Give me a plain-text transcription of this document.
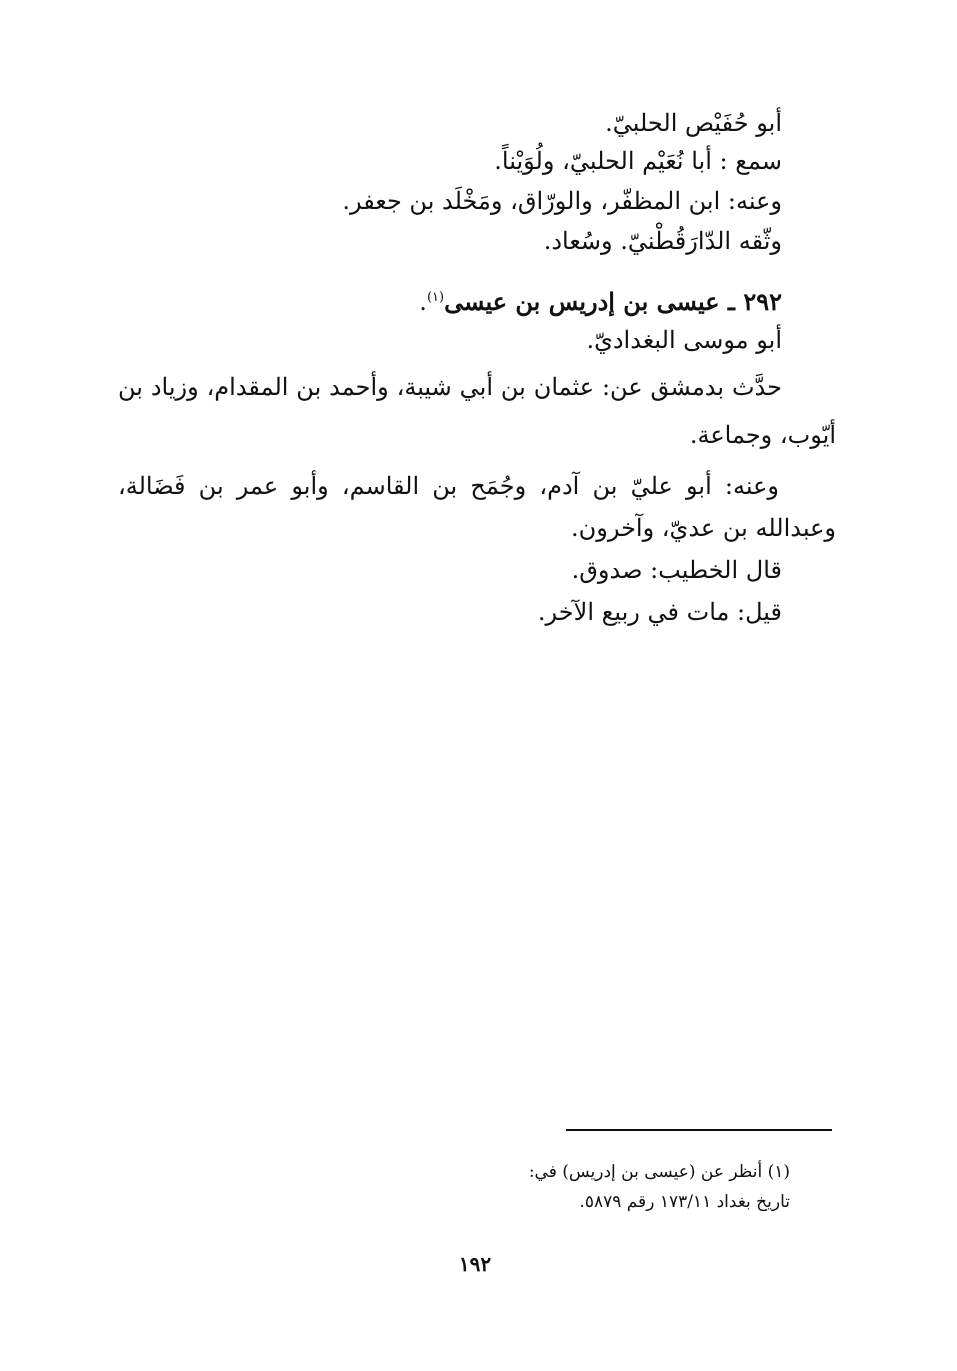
أبو حُفَيْص الحلبيّ.
سمع : أبا نُعَيْم الحلبيّ، ولُوَيْناً.
وعنه: ابن المظفّر، والورّاق، ومَخْلَد بن جعفر.
وثّقه الدّارَقُطْنيّ. وسُعاد.
٢٩٢ ـ عيسى بن إدريس بن عيسى$^{(١)}$.
أبو موسى البغداديّ.
حدَّث بدمشق عن: عثمان بن أبي شيبة، وأحمد بن المقدام، وزياد بن
أيّوب، وجماعة.
وعنه: أبو عليّ بن آدم، وجُمَح بن القاسم، وأبو عمر بن فَضَالة،
وعبدالله بن عديّ، وآخرون.
قال الخطيب: صدوق.
قيل: مات في ربيع الآخر.
(١) أنظر عن (عيسى بن إدريس) في:
تاريخ بغداد ١٧٣/١١ رقم ٥٨٧٩.
١٩٢
